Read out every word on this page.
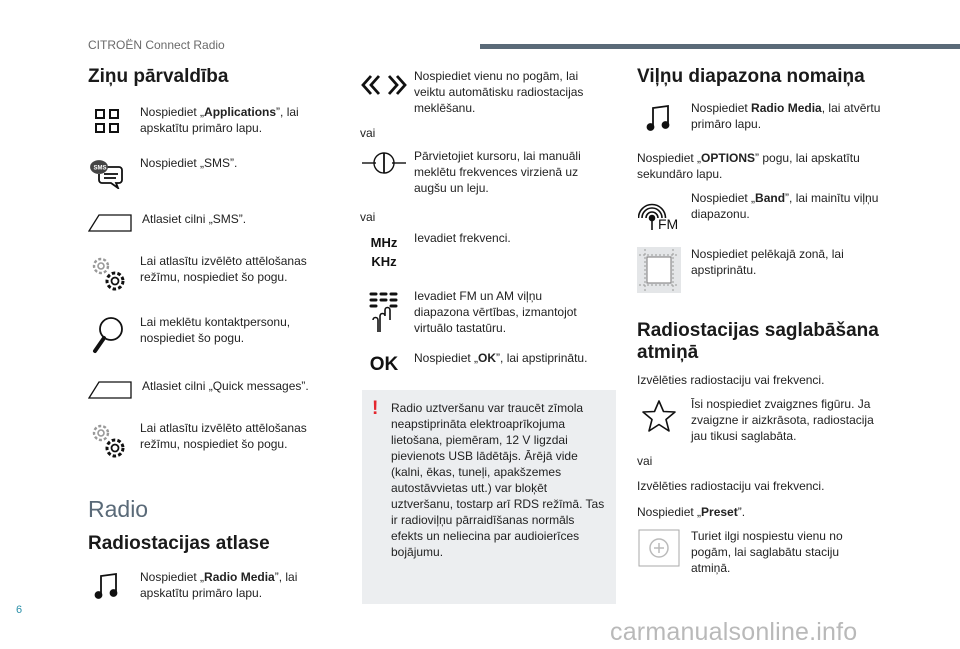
CITROËN Connect Radio
Ziņu pārvaldība
Nospiediet „Applications”, lai apskatītu primāro lapu.
SMS	Nospiediet „SMS”.
Atlasiet cilni „SMS”.
Lai atlasītu izvēlēto attēlošanas režīmu, nospiediet šo pogu.
Lai meklētu kontaktpersonu, nospiediet šo pogu.
Atlasiet cilni „Quick messages”.
Lai atlasītu izvēlēto attēlošanas režīmu, nospiediet šo pogu.
Radio
Radiostacijas atlase
Nospiediet „Radio Media”, lai apskatītu primāro lapu.
Nospiediet vienu no pogām, lai veiktu automātisku radiostacijas meklēšanu.
vai
Pārvietojiet kursoru, lai manuāli meklētu frekvences virzienā uz augšu un leju.
vai
MHz
KHz
Ievadiet frekvenci.
Ievadiet FM un AM viļņu diapazona vērtības, izmantojot virtuālo tastatūru.
OK Nospiediet „OK”, lai apstiprinātu.
!	Radio uztveršanu var traucēt zīmola neapstiprināta elektroaprīkojuma lietošana, piemēram, 12 V ligzdai pievienots USB lādētājs. Ārējā vide (kalni, ēkas, tuneļi, apakšzemes autostāvvietas utt.) var bloķēt uztveršanu, tostarp arī RDS režīmā. Tas ir radioviļņu pārraidīšanas normāls efekts un neliecina par audioierīces bojājumu.
Viļņu diapazona nomaiņa
Nospiediet Radio Media, lai atvērtu primāro lapu.
Nospiediet „OPTIONS” pogu, lai apskatītu sekundāro lapu.
FM
Nospiediet „Band”, lai mainītu viļņu diapazonu.
Nospiediet pelēkajā zonā, lai apstiprinātu.
Radiostacijas saglabāšana atmiņā
Izvēlēties radiostaciju vai frekvenci.
Īsi nospiediet zvaigznes figūru. Ja zvaigzne ir aizkrāsota, radiostacija jau tikusi saglabāta.
vai
Izvēlēties radiostaciju vai frekvenci.
Nospiediet „Preset”.
Turiet ilgi nospiestu vienu no pogām, lai saglabātu staciju atmiņā.
6
carmanualsonline.info
